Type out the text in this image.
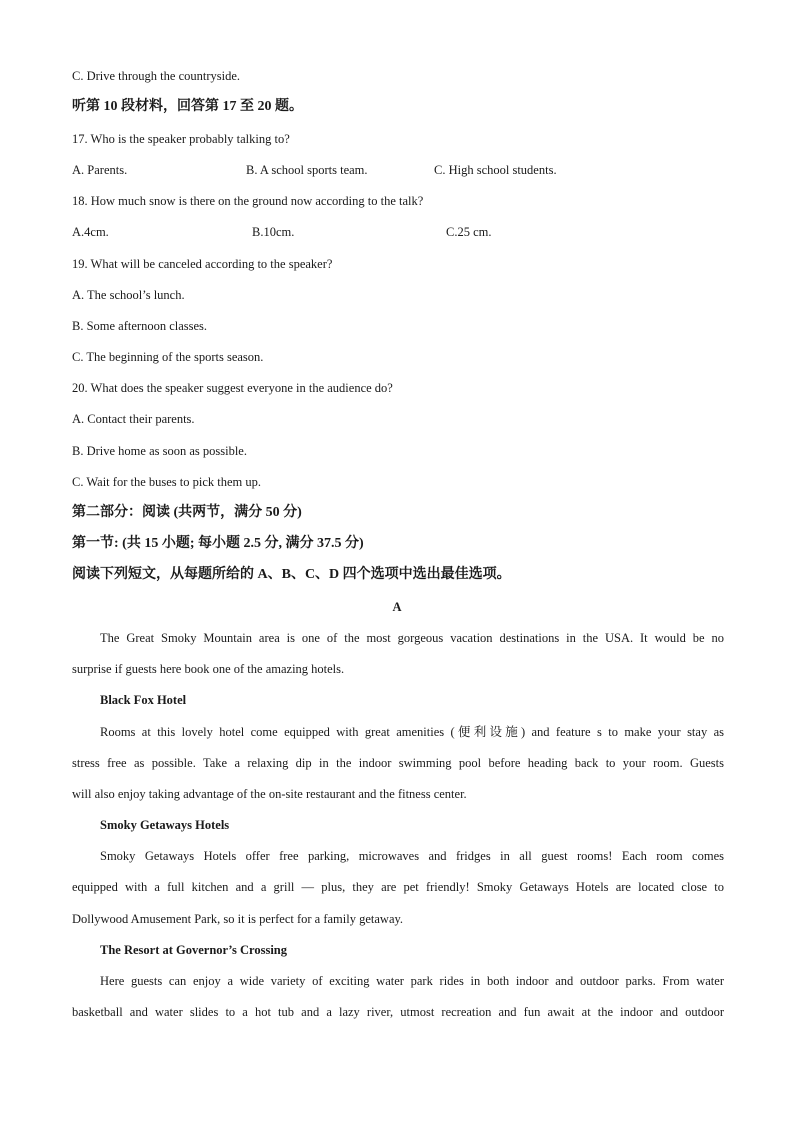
C. Drive through the countryside.
听第 10 段材料，回答第 17 至 20 题。
17. Who is the speaker probably talking to?
A. Parents.	B. A school sports team.	C. High school students.
18. How much snow is there on the ground now according to the talk?
A.4cm.	B.10cm.	C.25 cm.
19. What will be canceled according to the speaker?
A. The school’s lunch.
B. Some afternoon classes.
C. The beginning of the sports season.
20. What does the speaker suggest everyone in the audience do?
A. Contact their parents.
B. Drive home as soon as possible.
C. Wait for the buses to pick them up.
第二部分：阅读 (共两节，满分 50 分)
第一节: (共 15 小题; 每小题 2.5 分, 满分 37.5 分)
阅读下列短文，从每题所给的 A、B、C、D 四个选项中选出最佳选项。
A
The Great Smoky Mountain area is one of the most gorgeous vacation destinations in the USA. It would be no
surprise if guests here book one of the amazing hotels.
Black Fox Hotel
Rooms at this lovely hotel come equipped with great amenities (便利设施) and feature s to make your stay as
stress free as possible. Take a relaxing dip in the indoor swimming pool before heading back to your room. Guests
will also enjoy taking advantage of the on-site restaurant and the fitness center.
Smoky Getaways Hotels
Smoky Getaways Hotels offer free parking, microwaves and fridges in all guest rooms! Each room comes
equipped with a full kitchen and a grill — plus, they are pet friendly! Smoky Getaways Hotels are located close to
Dollywood Amusement Park, so it is perfect for a family getaway.
The Resort at Governor’s Crossing
Here guests can enjoy a wide variety of exciting water park rides in both indoor and outdoor parks. From water
basketball and water slides to a hot tub and a lazy river, utmost recreation and fun await at the indoor and outdoor
